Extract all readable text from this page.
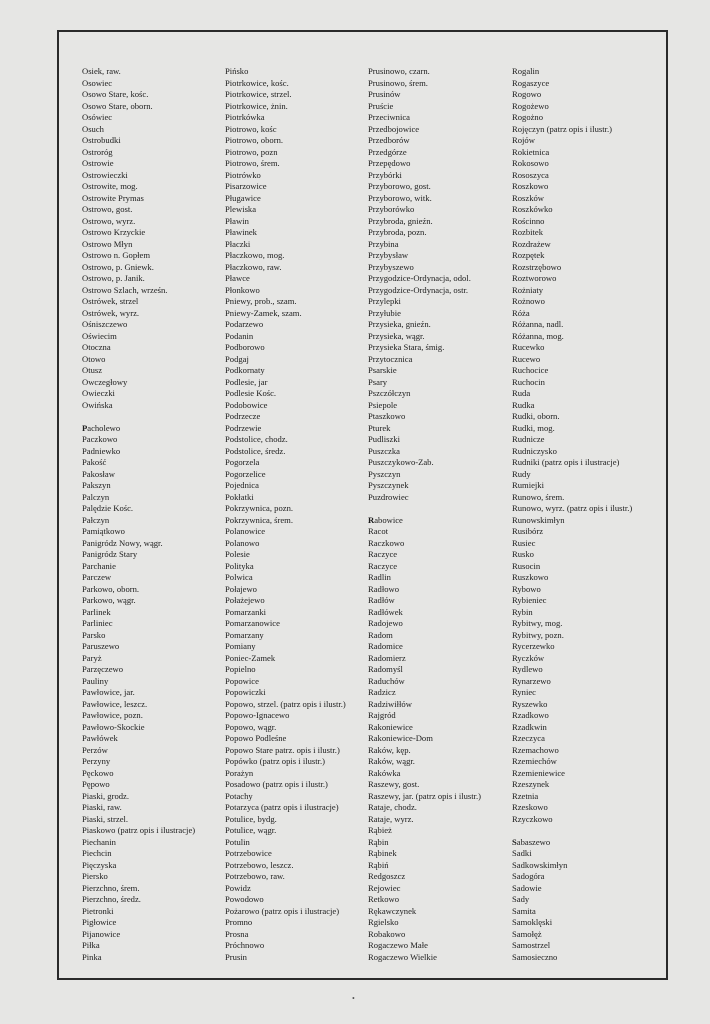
Osiek, raw.
Osowiec
Osowo Stare, kośc.
Osowo Stare, oborn.
Osówiec
Osuch
Ostrobudki
Ostroróg
Ostrowie
Ostrowieczki
Ostrowite, mog.
Ostrowite Prymas
Ostrowo, gost.
Ostrowo, wyrz.
Ostrowo Krzyckie
Ostrowo Młyn
Ostrowo n. Gopłem
Ostrowo, p. Gniewk.
Ostrowo, p. Janik.
Ostrowo Szlach, wrześn.
Ostrówek, strzel
Ostrówek, wyrz.
Ośniszczewo
Oświecim
Otoczna
Otowo
Otusz
Owczegłowy
Owieczki
Owińska
Pacholewo
Paczkowo
Padniewko
Pakość
Pakosław
Pakszyn
Palczyn
Palędzie Kośc.
Pałczyn
Pamiątkowo
Panigródz Nowy, wągr.
Panigródz Stary
Parchanie
Parczew
Parkowo, oborn.
Parkowo, wągr.
Parlinek
Parliniec
Parsko
Paruszewo
Paryż
Parzęczewo
Pauliny
Pawłowice, jar.
Pawłowice, leszcz.
Pawłowice, pozn.
Pawłowo-Skockie
Pawłówek
Perzów
Perzyny
Pęckowo
Pępowo
Piaski, grodz.
Piaski, raw.
Piaski, strzel.
Piaskowo (patrz opis i ilustracje)
Piechanin
Piechcin
Pięczyska
Piersko
Pierzchno, śrem.
Pierzchno, średz.
Pietronki
Pigłowice
Pijanowice
Piłka
Pinka
Pińsko
Piotrkowice, kośc.
Piotrkowice, strzel.
Piotrkowice, żnin.
Piotrkówka
Piotrowo, kośc
Piotrowo, oborn.
Piotrowo, pozn
Piotrowo, śrem.
Piotrówko
Pisarzowice
Pługawice
Plewiska
Pławin
Pławinek
Płaczki
Płaczkowo, mog.
Płaczkowo, raw.
Pławce
Płonkowo
Pniewy, prob., szam.
Pniewy-Zamek, szam.
Podarzewo
Podanin
Podborowo
Podgaj
Podkornaty
Podlesie, jar
Podlesie Kośc.
Podobowice
Podrzecze
Podrzewie
Podstolice, chodz.
Podstolice, średz.
Pogorzela
Pogorzelice
Pojednica
Pokłatki
Pokrzywnica, pozn.
Pokrzywnica, śrem.
Polanowice
Polanowo
Polesie
Polityka
Polwica
Połajewo
Połażejewo
Pomarzanki
Pomarzanowice
Pomarzany
Pomiany
Poniec-Zamek
Popielno
Popowice
Popowiczki
Popowo, strzel. (patrz opis i ilustr.)
Popowo-Ignacewo
Popowo, wągr.
Popowo Podleśne
Popowo Stare patrz. opis i ilustr.)
Popówko (patrz opis i ilustr.)
Porażyn
Posadowo (patrz opis i ilustr.)
Potachy
Potarzyca (patrz opis i ilustracje)
Potulice, bydg.
Potulice, wągr.
Potulin
Potrzebowice
Potrzebowo, leszcz.
Potrzebowo, raw.
Powidz
Powodowo
Pożarowo (patrz opis i ilustracje)
Promno
Prosna
Próchnowo
Prusin
Prusinowo, czarn.
Prusinowo, śrem.
Prusinów
Pruście
Przeciwnica
Przedbojowice
Przedborów
Przedgórze
Przepędowo
Przybórki
Przyborowo, gost.
Przyborowo, witk.
Przyborówko
Przybroda, gnieźn.
Przybroda, pozn.
Przybina
Przybysław
Przybyszewo
Przygodzice-Ordynacja, odol.
Przygodzice-Ordynacja, ostr.
Przylepki
Przyłubie
Przysieka, gnieźn.
Przysieka, wągr.
Przysieka Stara, śmig.
Przytocznica
Psarskie
Psary
Pszczółczyn
Psiepole
Ptaszkowo
Pturek
Pudliszki
Puszczka
Puszczykowo-Zab.
Pyszczyn
Pyszczynek
Puzdrowiec
Rabowice
Racot
Raczkowo
Raczyce
Raczyce
Radlin
Radłowo
Radłów
Radłówek
Radojewo
Radom
Radomice
Radomierz
Radomyśl
Raduchów
Radzicz
Radziwiłłów
Rajgród
Rakoniewice
Rakoniewice-Dom
Raków, kęp.
Raków, wągr.
Rakówka
Raszewy, gost.
Raszewy, jar. (patrz opis i ilustr.)
Rataje, chodz.
Rataje, wyrz.
Rąbież
Rąbin
Rąbinek
Rąbiń
Redgoszcz
Rejowiec
Retkowo
Rękawczynek
Rgielsko
Robakowo
Rogaczewo Małe
Rogaczewo Wielkie
Rogalin
Rogaszyce
Rogowo
Rogożewo
Rogożno
Rojęczyn (patrz opis i ilustr.)
Rojów
Rokietnica
Rokosowo
Rososzyca
Roszkowo
Roszków
Roszkówko
Rościnno
Rozbitek
Rozdrażew
Rozpętek
Rozstrzębowo
Roztworowo
Rożniaty
Rożnowo
Róża
Różanna, nadl.
Różanna, mog.
Rucewko
Rucewo
Ruchocice
Ruchocin
Ruda
Rudka
Rudki, oborn.
Rudki, mog.
Rudnicze
Rudniczysko
Rudniki (patrz opis i ilustracje)
Rudy
Rumiejki
Runowo, śrem.
Runowo, wyrz. (patrz opis i ilustr.)
Runowskimłyn
Rusibórz
Rusiec
Rusko
Rusocin
Ruszkowo
Rybowo
Rybieniec
Rybin
Rybitwy, mog.
Rybitwy, pozn.
Rycerzewko
Ryczków
Rydlewo
Rynarzewo
Ryniec
Ryszewko
Rzadkowo
Rzadkwin
Rzeczyca
Rzemachowo
Rzemiechów
Rzemieniewice
Rzeszynek
Rzetnia
Rzeskowo
Rzyczkowo
Sabaszewo
Sadki
Sadkowskimłyn
Sadogóra
Sadowie
Sady
Samita
Samoklęski
Samołęż
Samostrzel
Samosieczno
•
